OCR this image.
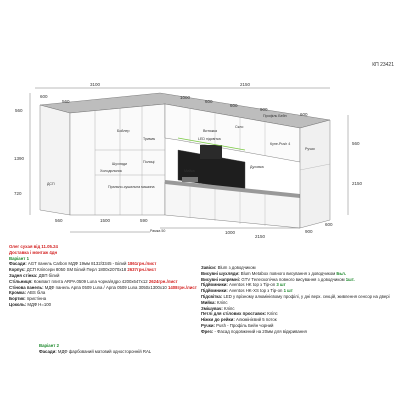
3100	2150
1000
600
600
900
600
560
600
560
1390
720
560
2150
560	1500	590
1000
2150
900
600
ДСП
Бойлер
Холодильник
Полиці
Шухляди
Прально-сушильна машина
Витяжка
Духовка
Мийка
Профіль Бейн
Рамка 50
Ручки
LED підсвітка
Тримач
Скло
Купе-Push 4
КП 23421
Олег сухая від 11.05.24
Доставка і монтаж 4дн
Варіант 1
Фасади: АGT панель Carbon МДФ 19мм 8132/3345 - Білий 1861грн./лист
Корпус: ДСП Кліпсери 8050 SM Білий Перл 1800x2070x18 2637грн./лист
Задня стінка: ДВП білий
Стільниця: Компакт плита ARPA 0509 Luna чорна/ядро 4200x647x12 2624грн./лист
Стінова панель: МДФ панель Арпа 0509 Luna / Арпа 0509 Luna 3050x1300x10 1408грн./лист
Кромка: ABS біла
Бортик: пристінна
Цоколь: МДФ Н=100
Завіси: Blum з доводчиком
Висувні шухляди: Blum Metabox повного висування з доводчиком Бьл.
Висувні напрямні: GTV Телескопічна повного висування з доводчиком 1шт.
Підйомники: Aventos HK top з Tip-on 3 шт
Підйомники: Aventos HK-XS top з Tip-on 1 шт
Підсвітка: LED у врізному алюмінієвому профілі, у дні верх. секцій, живлення сенсор на двері
Мийка: Кліпс
Змішувач: Кліпс
Петлі для стілових проставок: Кліпс
Ніжки до рейки: Алюмінієвий 5 поток
Ручки: Push - Профіль Бейн чорний
Фрез: - Фасад подовжений на 20мм для відкривання
Варіант 2
Фасади: МДФ фарбований матовий односторонній RAL
